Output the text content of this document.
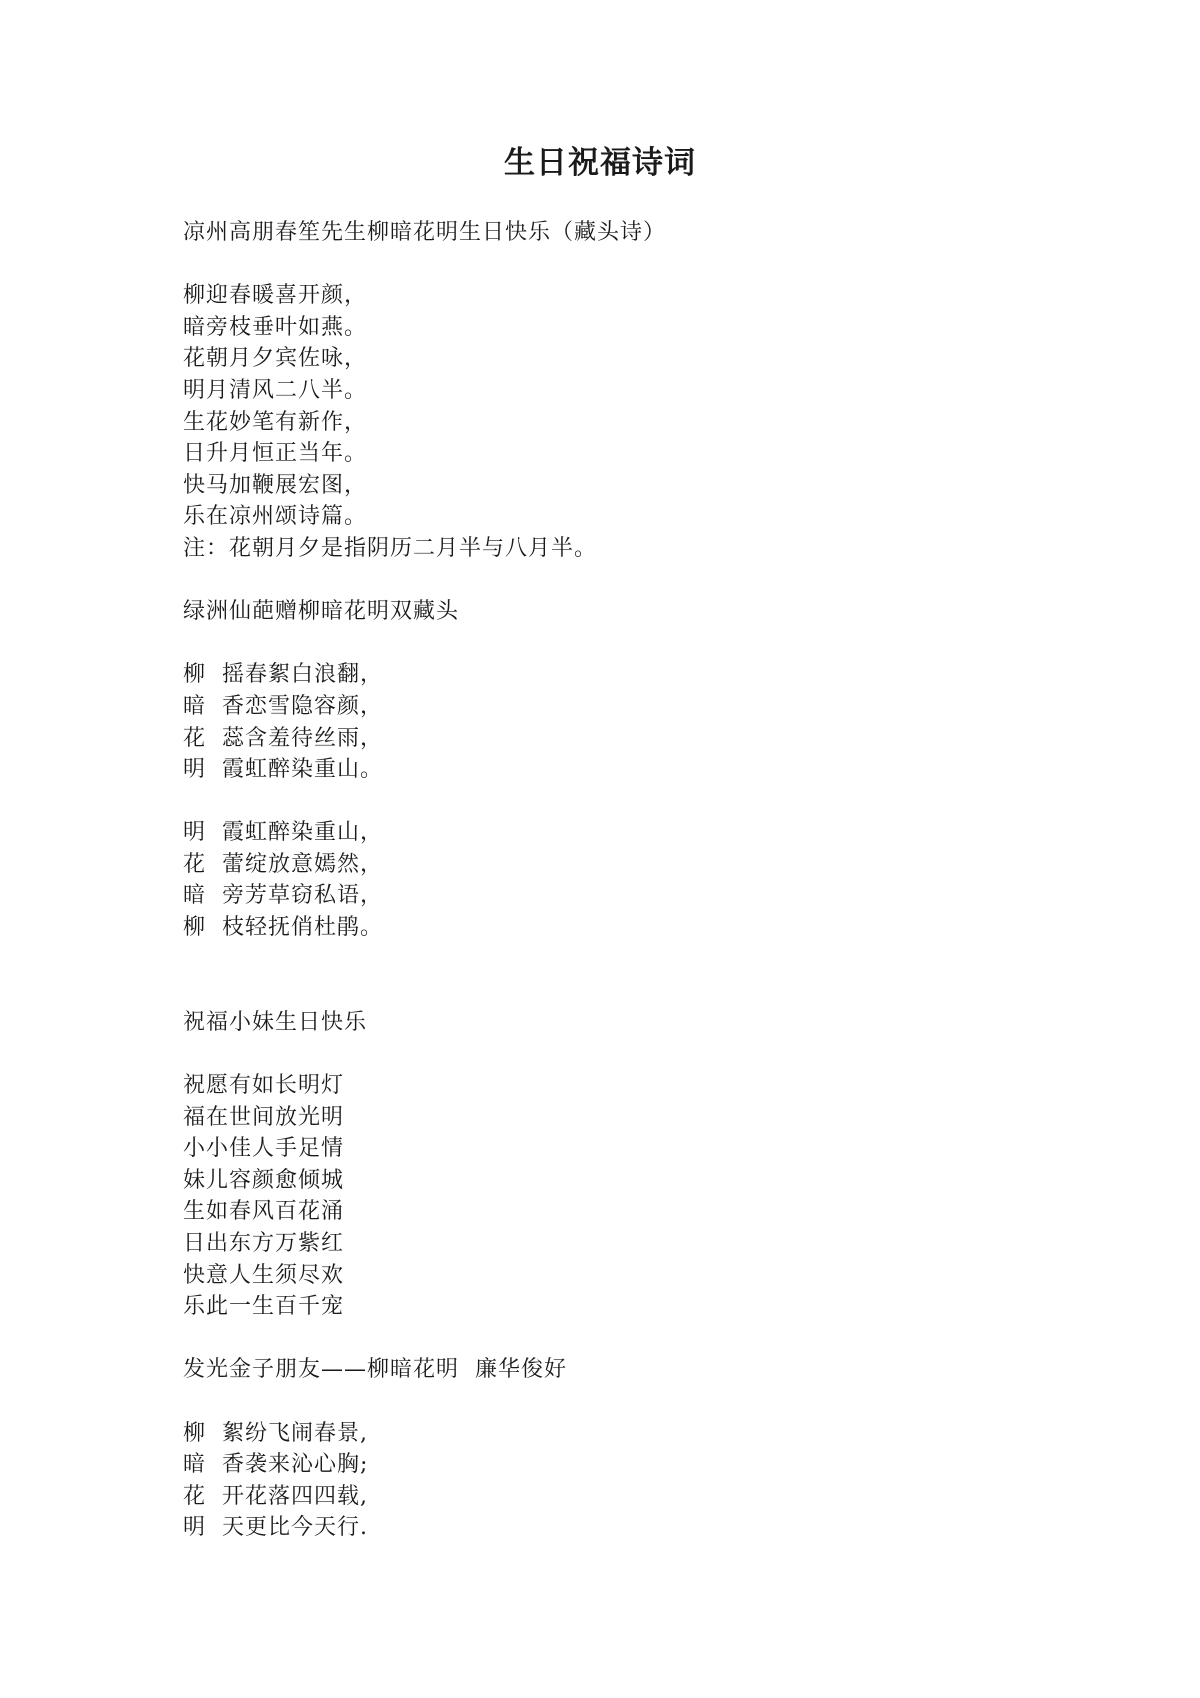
生日祝福诗词
凉州高朋春笙先生柳暗花明生日快乐（藏头诗）
柳迎春暖喜开颜，
暗旁枝垂叶如燕。
花朝月夕宾佐咏，
明月清风二八半。
生花妙笔有新作，
日升月恒正当年。
快马加鞭展宏图，
乐在凉州颂诗篇。
注：花朝月夕是指阴历二月半与八月半。
绿洲仙葩赠柳暗花明双藏头
柳  摇春絮白浪翻，
暗  香恋雪隐容颜，
花  蕊含羞待丝雨，
明  霞虹醉染重山。
明  霞虹醉染重山，
花  蕾绽放意嫣然，
暗  旁芳草窃私语，
柳  枝轻抚俏杜鹃。
祝福小妹生日快乐
祝愿有如长明灯
福在世间放光明
小小佳人手足情
妹儿容颜愈倾城
生如春风百花涌
日出东方万紫红
快意人生须尽欢
乐此一生百千宠
发光金子朋友——柳暗花明  廉华俊好
柳  絮纷飞闹春景,
暗  香袭来沁心胸;
花  开花落四四载,
明  天更比今天行.
